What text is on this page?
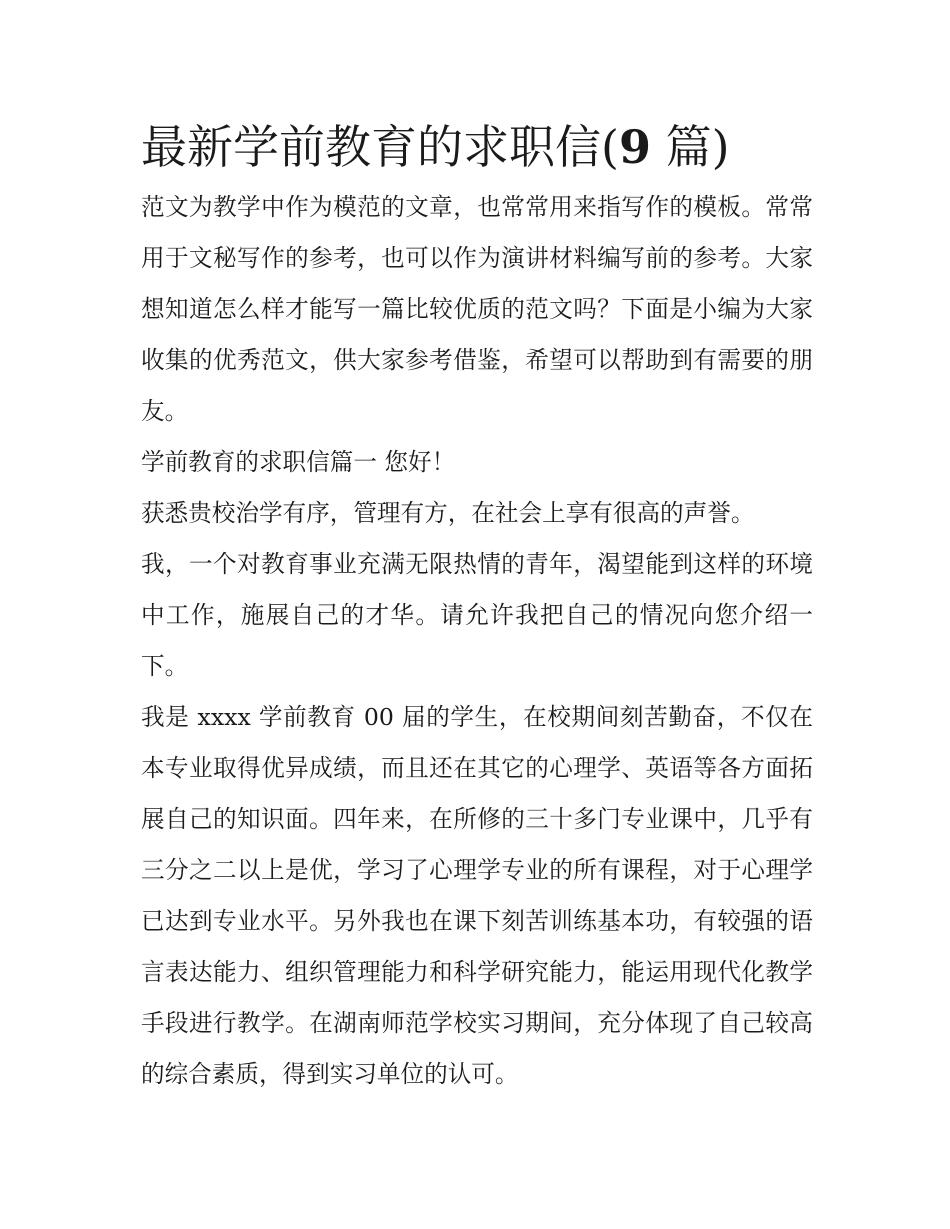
最新学前教育的求职信(9 篇)

范文为教学中作为模范的文章，也常常用来指写作的模板。常常用于文秘写作的参考，也可以作为演讲材料编写前的参考。大家想知道怎么样才能写一篇比较优质的范文吗？下面是小编为大家收集的优秀范文，供大家参考借鉴，希望可以帮助到有需要的朋友。

学前教育的求职信篇一 您好！

获悉贵校治学有序，管理有方，在社会上享有很高的声誉。

我，一个对教育事业充满无限热情的青年，渴望能到这样的环境中工作，施展自己的才华。请允许我把自己的情况向您介绍一下。

我是 xxxx 学前教育 00 届的学生，在校期间刻苦勤奋，不仅在本专业取得优异成绩，而且还在其它的心理学、英语等各方面拓展自己的知识面。四年来，在所修的三十多门专业课中，几乎有三分之二以上是优，学习了心理学专业的所有课程，对于心理学已达到专业水平。另外我也在课下刻苦训练基本功，有较强的语言表达能力、组织管理能力和科学研究能力，能运用现代化教学手段进行教学。在湖南师范学校实习期间，充分体现了自己较高的综合素质，得到实习单位的认可。
